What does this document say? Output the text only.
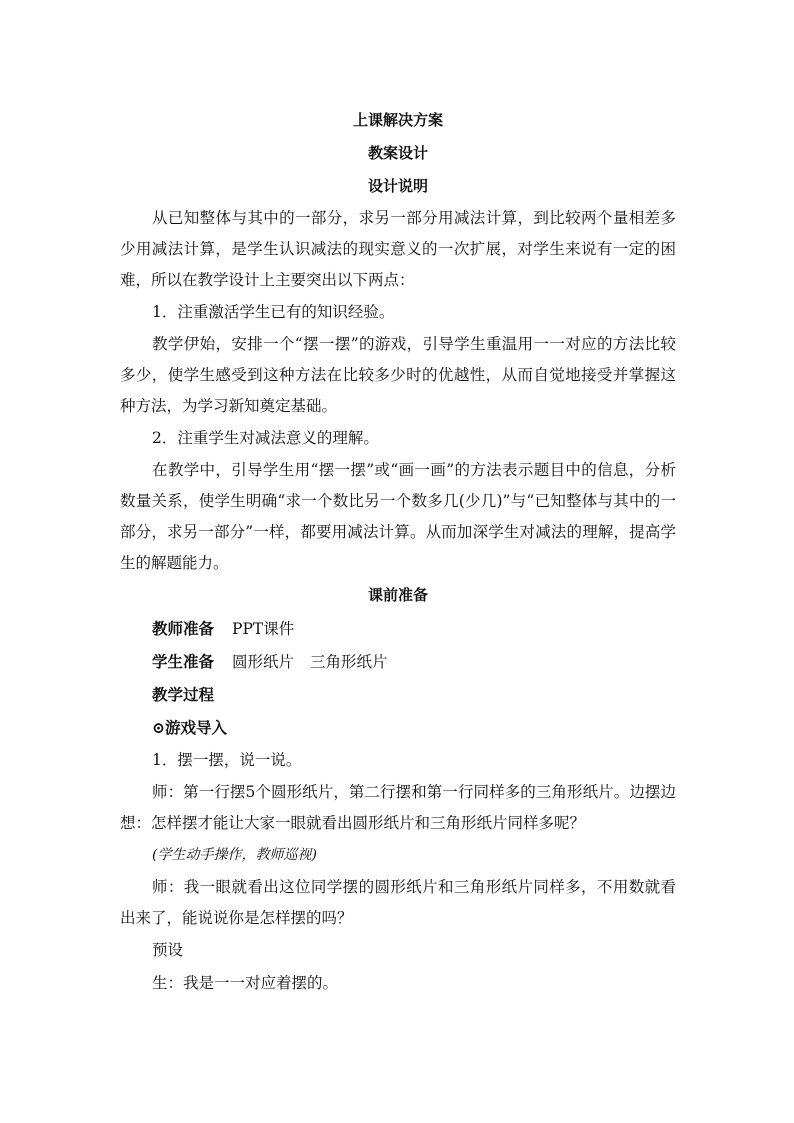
上课解决方案
教案设计
设计说明

从已知整体与其中的一部分，求另一部分用减法计算，到比较两个量相差多少用减法计算，是学生认识减法的现实意义的一次扩展，对学生来说有一定的困难，所以在教学设计上主要突出以下两点：

1．注重激活学生已有的知识经验。

教学伊始，安排一个“摆一摆”的游戏，引导学生重温用一一对应的方法比较多少，使学生感受到这种方法在比较多少时的优越性，从而自觉地接受并掌握这种方法，为学习新知奠定基础。

2．注重学生对减法意义的理解。

在教学中，引导学生用“摆一摆”或“画一画”的方法表示题目中的信息，分析数量关系，使学生明确“求一个数比另一个数多几(少几)”与“已知整体与其中的一部分，求另一部分”一样，都要用减法计算。从而加深学生对减法的理解，提高学生的解题能力。

课前准备
教师准备 PPT课件
学生准备 圆形纸片 三角形纸片
教学过程
⊙游戏导入
1．摆一摆，说一说。

师：第一行摆5个圆形纸片，第二行摆和第一行同样多的三角形纸片。边摆边想：怎样摆才能让大家一眼就看出圆形纸片和三角形纸片同样多呢？

(学生动手操作，教师巡视)

师：我一眼就看出这位同学摆的圆形纸片和三角形纸片同样多，不用数就看出来了，能说说你是怎样摆的吗？

预设
生：我是一一对应着摆的。
